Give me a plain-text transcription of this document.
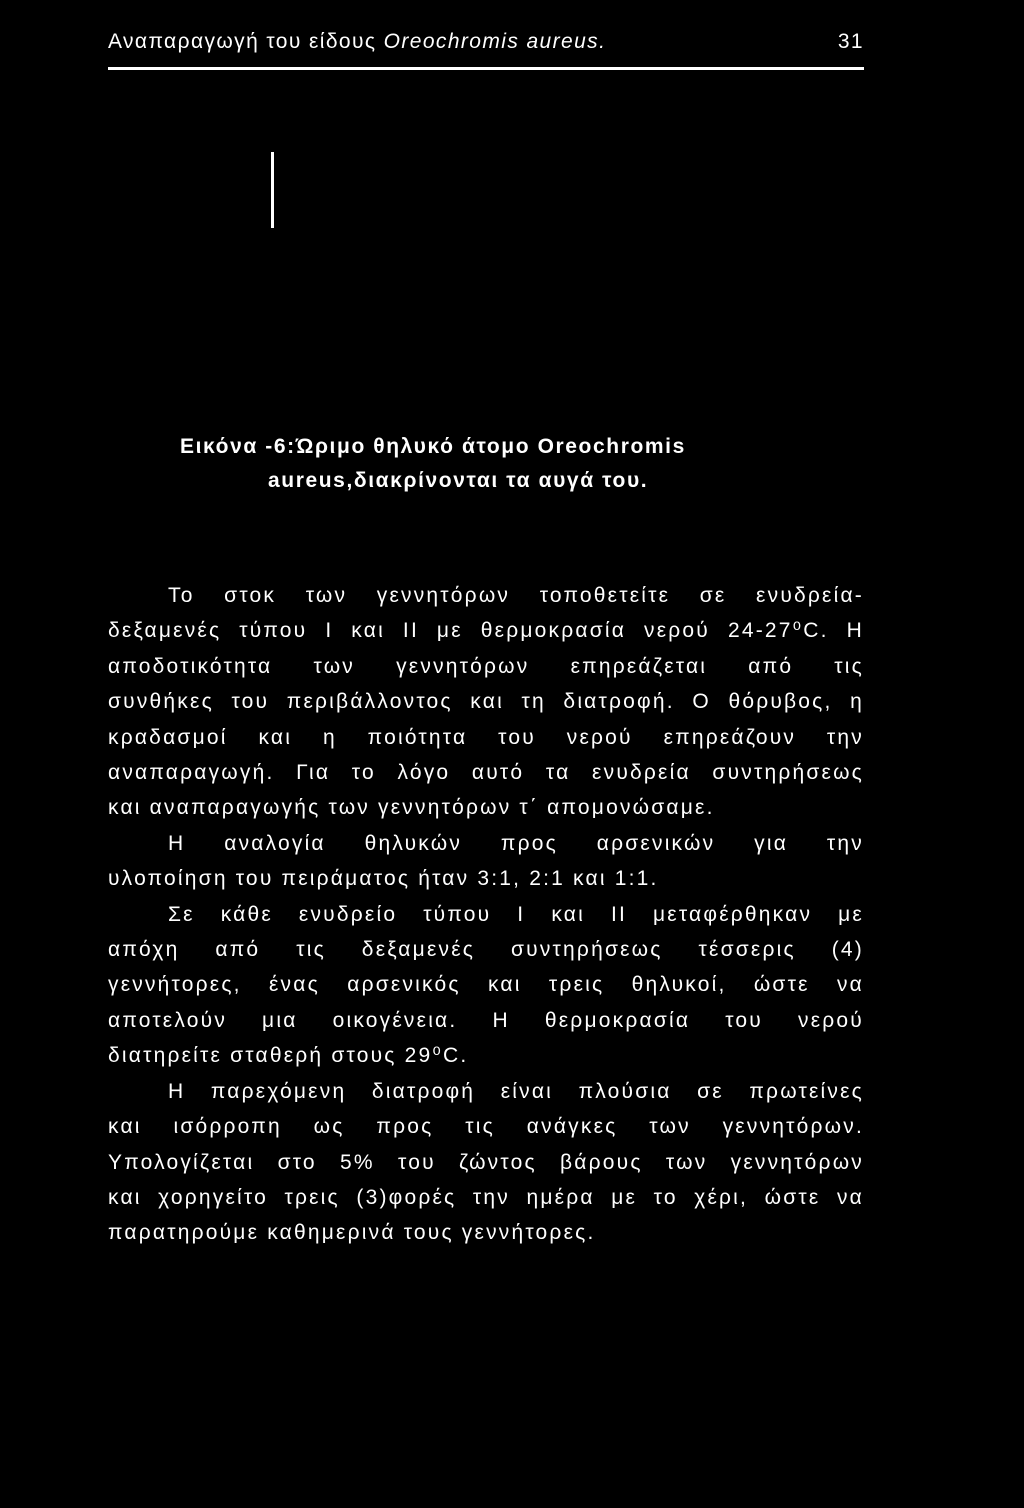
Αναπαραγωγή του είδους Oreochromis aureus.	31
Εικόνα -6:Ώριμο θηλυκό άτομο Oreochromis
aureus,διακρίνονται τα αυγά του.
Το στοκ των γεννητόρων τοποθετείτε σε ενυδρεία-
δεξαμενές τύπου I και II με θερμοκρασία νερού 24-27⁰C. Η
αποδοτικότητα των γεννητόρων επηρεάζεται από τις
συνθήκες του περιβάλλοντος και τη διατροφή. Ο θόρυβος, η
κραδασμοί και η ποιότητα του νερού επηρεάζουν την
αναπαραγωγή. Για το λόγο αυτό τα ενυδρεία συντηρήσεως
και αναπαραγωγής των γεννητόρων τ΄ απομονώσαμε.
Η αναλογία θηλυκών προς αρσενικών για την
υλοποίηση του πειράματος ήταν 3:1, 2:1 και 1:1.
Σε κάθε ενυδρείο τύπου I και II μεταφέρθηκαν με
απόχη από τις δεξαμενές συντηρήσεως τέσσερις (4)
γεννήτορες, ένας αρσενικός και τρεις θηλυκοί, ώστε να
αποτελούν μια οικογένεια. Η θερμοκρασία του νερού
διατηρείτε σταθερή στους 29⁰C.
Η παρεχόμενη διατροφή είναι πλούσια σε πρωτείνες
και ισόρροπη ως προς τις ανάγκες των γεννητόρων.
Υπολογίζεται στο 5% του ζώντος βάρους των γεννητόρων
και χορηγείτο τρεις (3)φορές την ημέρα με το χέρι, ώστε να
παρατηρούμε καθημερινά τους γεννήτορες.
